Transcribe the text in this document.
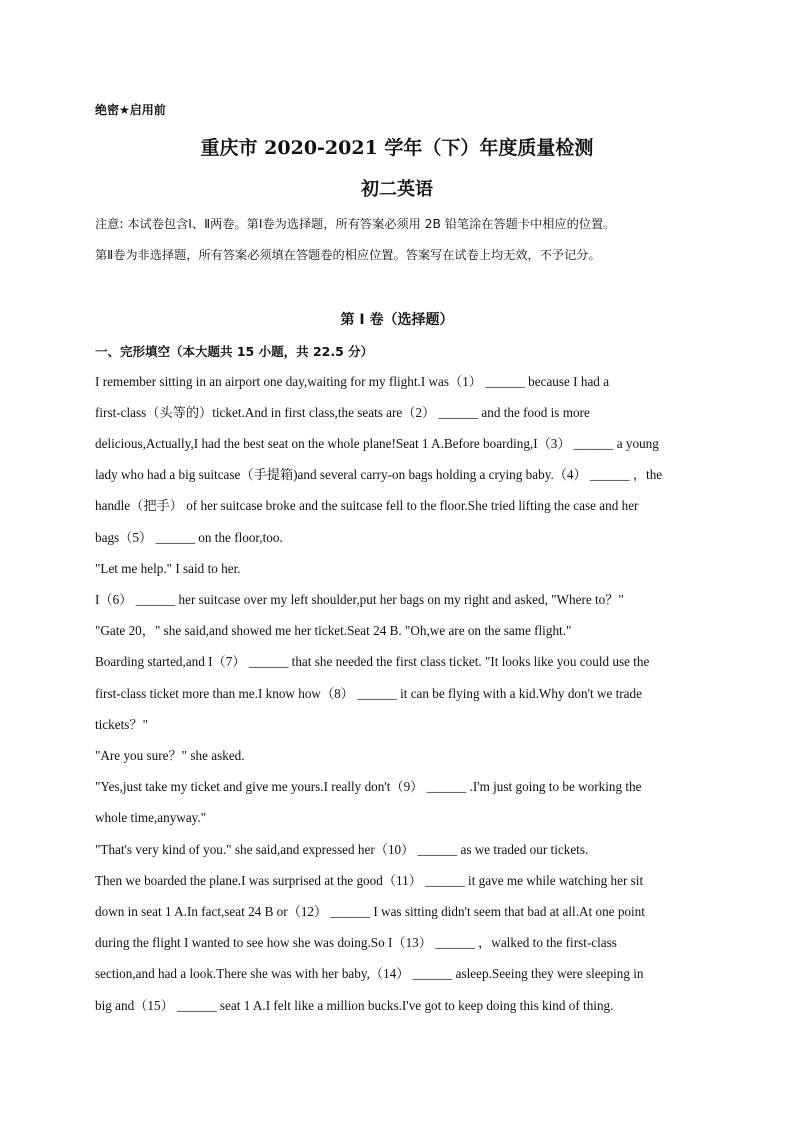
绝密★启用前
重庆市 2020-2021 学年（下）年度质量检测
初二英语
注意: 本试卷包含Ⅰ、Ⅱ两卷。第Ⅰ卷为选择题，所有答案必须用 2B 铅笔涂在答题卡中相应的位置。
第Ⅱ卷为非选择题，所有答案必须填在答题卷的相应位置。答案写在试卷上均无效，不予记分。
第 I 卷（选择题）
一、完形填空（本大题共 15 小题，共 22.5 分）
I remember sitting in an airport one day,waiting for my flight.I was（1） ______ because I had a
first-class（头等的）ticket.And in first class,the seats are（2） ______ and the food is more
delicious,Actually,I had the best seat on the whole plane!Seat 1 A.Before boarding,I（3） ______ a young
lady who had a big suitcase（手提箱)and several carry-on bags holding a crying baby.（4） ______ ，the
handle（把手） of her suitcase broke and the suitcase fell to the floor.She tried lifting the case and her
bags（5） ______ on the floor,too.
"Let me help." I said to her.
I（6） ______ her suitcase over my left shoulder,put her bags on my right and asked, "Where to？"
"Gate 20，" she said,and showed me her ticket.Seat 24 B. "Oh,we are on the same flight."
Boarding started,and I（7） ______ that she needed the first class ticket. "It looks like you could use the
first-class ticket more than me.I know how（8） ______ it can be flying with a kid.Why don't we trade
tickets？"
"Are you sure？" she asked.
"Yes,just take my ticket and give me yours.I really don't（9） ______ .I'm just going to be working the
whole time,anyway."
"That's very kind of you." she said,and expressed her（10） ______ as we traded our tickets.
Then we boarded the plane.I was surprised at the good（11） ______ it gave me while watching her sit
down in seat 1 A.In fact,seat 24 B or（12） ______ I was sitting didn't seem that bad at all.At one point
during the flight I wanted to see how she was doing.So I（13） ______ ，walked to the first-class
section,and had a look.There she was with her baby,（14） ______ asleep.Seeing they were sleeping in
big and（15） ______ seat 1 A.I felt like a million bucks.I've got to keep doing this kind of thing.
